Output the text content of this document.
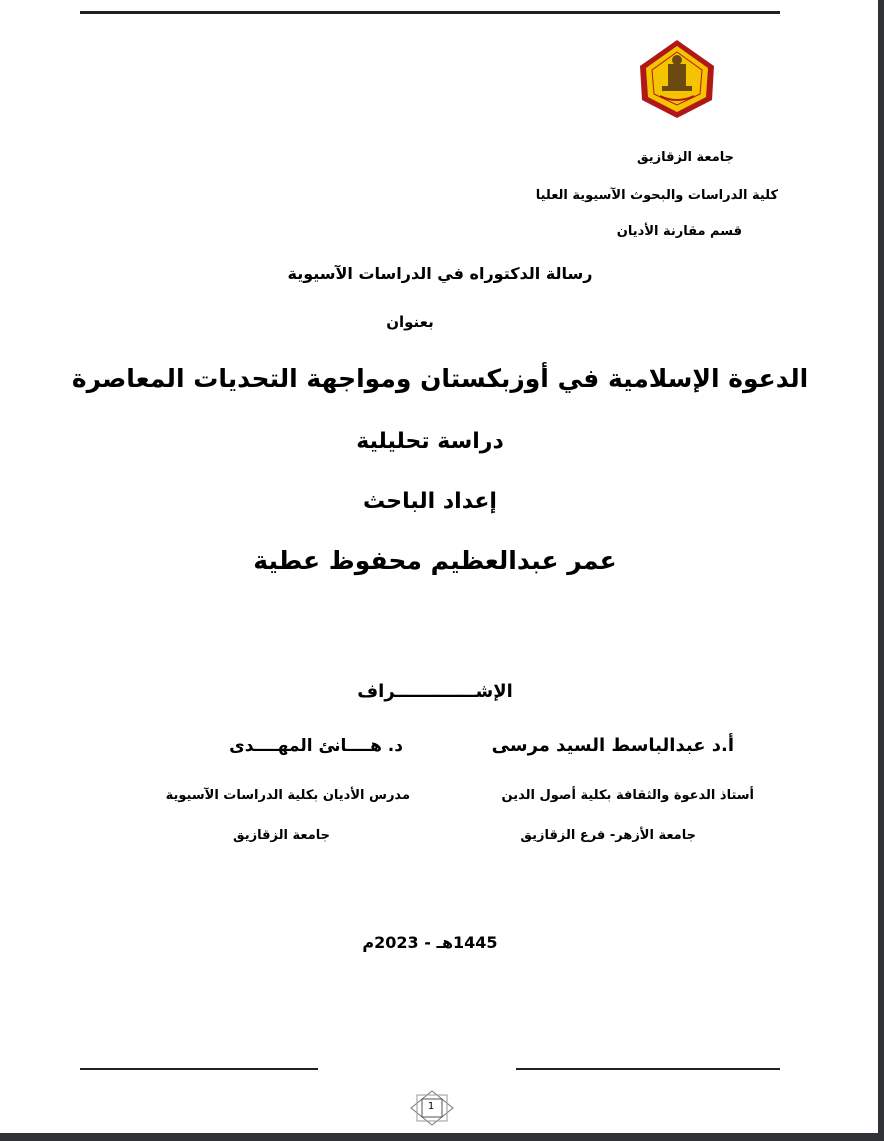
جامعة الزقازيق
كلية الدراسات والبحوث الآسيوية العليا
قسم مقارنة الأديان
رسالة الدكتوراه في الدراسات الآسيوية
بعنوان
الدعوة الإسلامية في أوزبكستان ومواجهة التحديات المعاصرة
دراسة تحليلية
إعداد الباحث
عمر عبدالعظيم محفوظ عطية
الإشـــــــــــــراف
أ.د عبدالباسط السيد مرسى
أستاذ الدعوة والثقافة بكلية أصول الدين
جامعة الأزهر- فرع الزقازيق
د. هــــانئ المهــــدى
مدرس الأديان بكلية الدراسات الآسيوية
جامعة الزقازيق
1445هـ - 2023م
1
